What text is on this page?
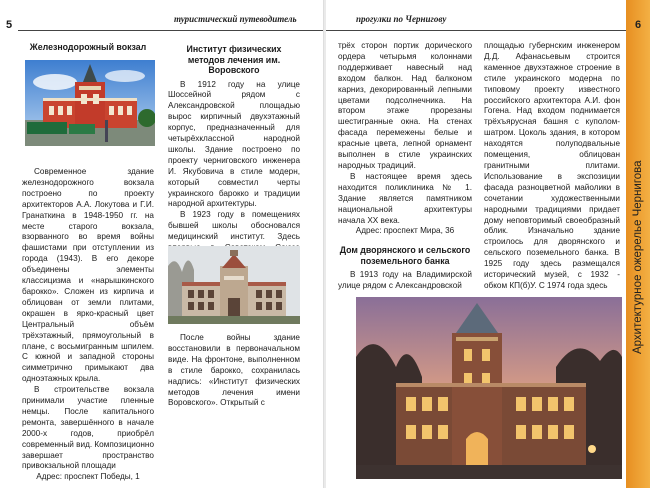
5	туристический путеводитель
Железнодорожный вокзал

Современное здание железнодорожного вокзала построено по проекту архитекторов А.А. Локутова и Г.И. Гранаткина в 1948-1950 гг. на месте старого вокзала, взорванного во время войны фашистами при отступлении из города (1943). В его декоре объединены элементы классицизма и «нарышкинского барокко». Сложен из кирпича и облицован от земли плитами, окрашен в ярко-красный цвет Центральный объём трёхэтажный, прямоугольный в плане, с восьмигранным шпилем. С южной и западной стороны симметрично примыкают два одноэтажных крыла.

В строительстве вокзала принимали участие пленные немцы. После капитального ремонта, завершённого в начале 2000-х годов, приобрёл современный вид. Композиционно завершает пространство привокзальной площади

Адрес: проспект Победы, 1

Институт физических методов лечения им. Воровского

В 1912 году на улице Шоссейной рядом с Александровской площадью вырос кирпичный двухэтажный корпус, предназначенный для четырёхклассной народной школы. Здание построено по проекту черниговского инженера И. Якубовича в стиле модерн, который совместил черты украинского барокко и традиции народной архитектуры.

В 1923 году в помещениях бывшей школы обосновался медицинский институт. Здесь

После войны здание восстановили в первоначальном виде. На фронтоне, выполненном в стиле барокко, сохранилась надпись: «Институт физических методов лечения имени Воровского». Открытый с

прогулки по Чернигову

трёх сторон портик дорического ордера четырьмя колоннами поддерживает навесный над входом балкон. Над балконом карниз, декорированный лепными цветами подсолнечника. На втором этаже прорезаны шестигранные окна. На стенах фасада перемежены белые и красные цвета, лепной орнамент выполнен в стиле украинских народных традиций.

В настоящее время здесь находится поликлиника № 1. Здание является памятником национальной архитектуры начала XX века.

Адрес: проспект Мира, 36

Дом дворянского и сельского поземельного банка

В 1913 году на Владимирской улице рядом с Александровской

площадью губернским инженером Д.Д. Афанасьевым строится каменное двухэтажное строение в стиле украинского модерна по типовому проекту известного российского архитектора А.И. фон Гогена. Над входом поднимается трёхъярусная башня с куполом-шатром. Цоколь здания, в котором находятся полуподвальные помещения, облицован гранитными плитами. Использование в экспозиции фасада разноцветной майолики в сочетании художественными народными традициями придает дому неповторимый своеобразный облик. Изначально здание строилось для дворянского и сельского поземельного банка. В 1925 году здесь размещался исторический музей, с 1932 - обком КП(б)У. С 1974 года здесь

6
Архитектурное ожерелье Чернигова
